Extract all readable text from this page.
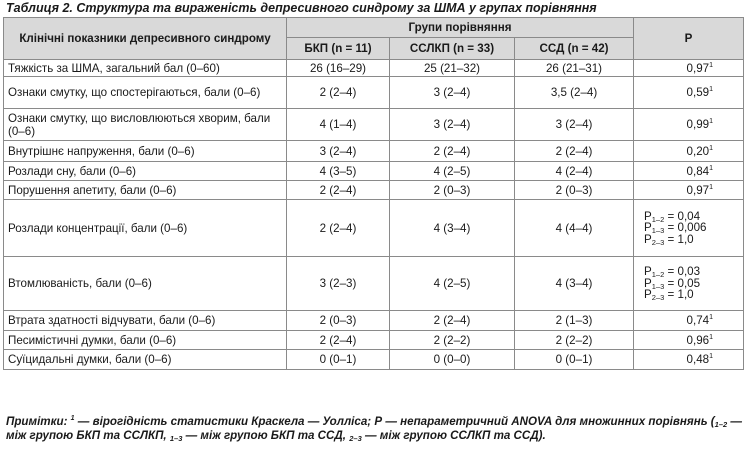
Таблиця 2. Структура та вираженість депресивного синдрому за ШМА у групах порівняння
Клінічні показники депресивного синдрому	Групи порівняння			P
	БКП (n = 11)	ССЛКП (n = 33)	ССД (n = 42)	
Тяжкість за ШМА, загальний бал (0–60)	26 (16–29)	25 (21–32)	26 (21–31)	0,97$^1$
Ознаки смутку, що спостерігаються, бали (0–6)	2 (2–4)	3 (2–4)	3,5 (2–4)	0,59$^1$
Ознаки смутку, що висловлюються хворим, бали (0–6)	4 (1–4)	3 (2–4)	3 (2–4)	0,99$^1$
Внутрішнє напруження, бали (0–6)	3 (2–4)	2 (2–4)	2 (2–4)	0,20$^1$
Розлади сну, бали (0–6)	4 (3–5)	4 (2–5)	4 (2–4)	0,84$^1$
Порушення апетиту, бали (0–6)	2 (2–4)	2 (0–3)	2 (0–3)	0,97$^1$
Розлади концентрації, бали (0–6)	2 (2–4)	4 (3–4)	4 (4–4)	$P_{1-2} = 0,04$
$P_{1-3} = 0,006$
$P_{2-3} = 1,0$

Втомлюваність, бали (0–6)	3 (2–3)	4 (2–5)	4 (3–4)	$P_{1-2} = 0,03$
$P_{1-3} = 0,05$
$P_{2-3} = 1,0$

Втрата здатності відчувати, бали (0–6)	2 (0–3)	2 (2–4)	2 (1–3)	0,74$^1$
Песимістичні думки, бали (0–6)	2 (2–4)	2 (2–2)	2 (2–2)	0,96$^1$
Суїцидальні думки, бали (0–6)	0 (0–1)	0 (0–0)	0 (0–1)	0,48$^1$
Примітки: $^1$ — вірогідність статистики Краскела — Уолліса; Р — непараметричний ANOVA для множинних порівнянь ($_{1-2}$ — між групою БКП та ССЛКП, $_{1-3}$ — між групою БКП та ССД, $_{2-3}$ — між групою ССЛКП та ССД).
